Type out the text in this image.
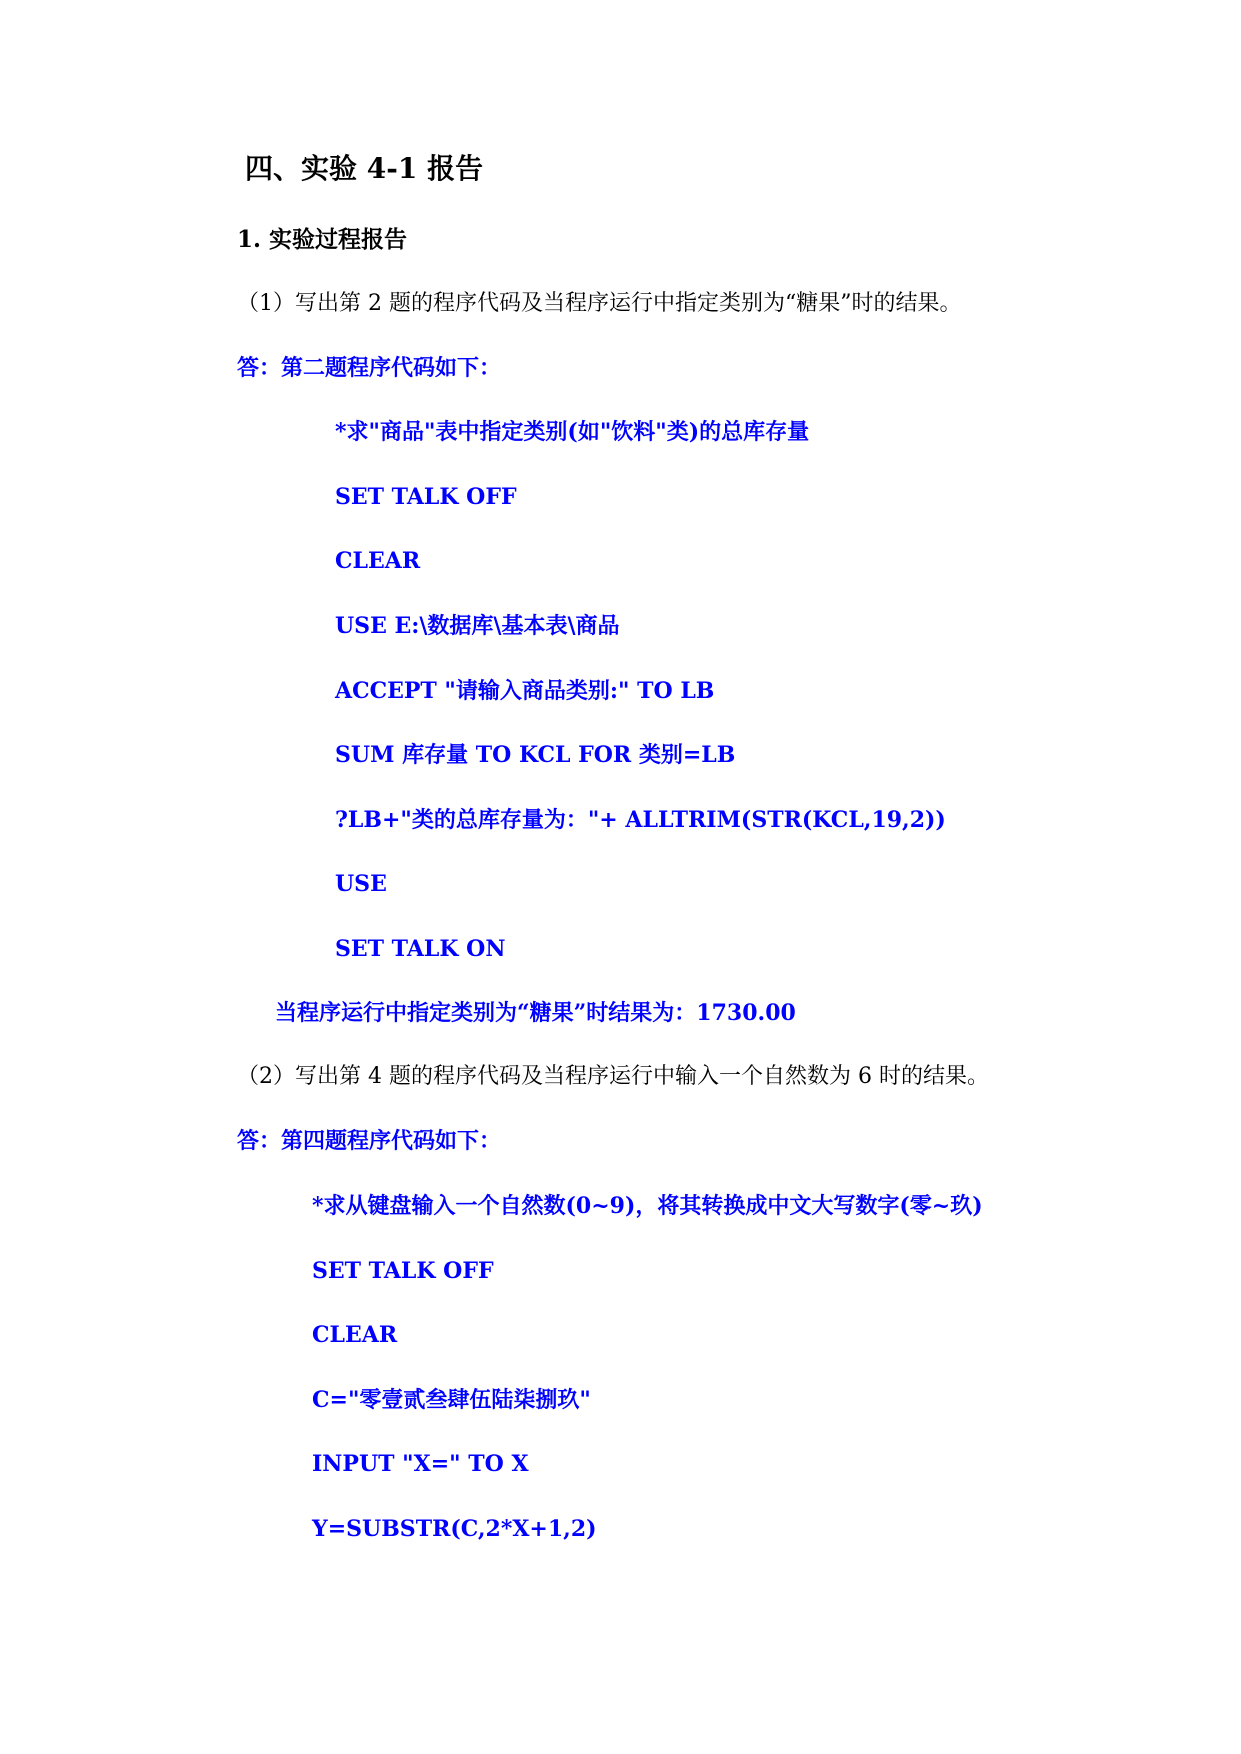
四、实验 4-1 报告
1. 实验过程报告
（1）写出第 2 题的程序代码及当程序运行中指定类别为“糖果”时的结果。
答：第二题程序代码如下：
*求"商品"表中指定类别(如"饮料"类)的总库存量
SET TALK OFF
CLEAR
USE E:\数据库\基本表\商品
ACCEPT "请输入商品类别:" TO LB
SUM 库存量 TO KCL FOR 类别=LB
?LB+"类的总库存量为："+ ALLTRIM(STR(KCL,19,2))
USE
SET TALK ON
当程序运行中指定类别为“糖果”时结果为：1730.00
（2）写出第 4 题的程序代码及当程序运行中输入一个自然数为 6 时的结果。
答：第四题程序代码如下：
*求从键盘输入一个自然数(0~9)，将其转换成中文大写数字(零~玖)
SET TALK OFF
CLEAR
C="零壹贰叁肆伍陆柒捌玖"
INPUT "X=" TO X
Y=SUBSTR(C,2*X+1,2)
